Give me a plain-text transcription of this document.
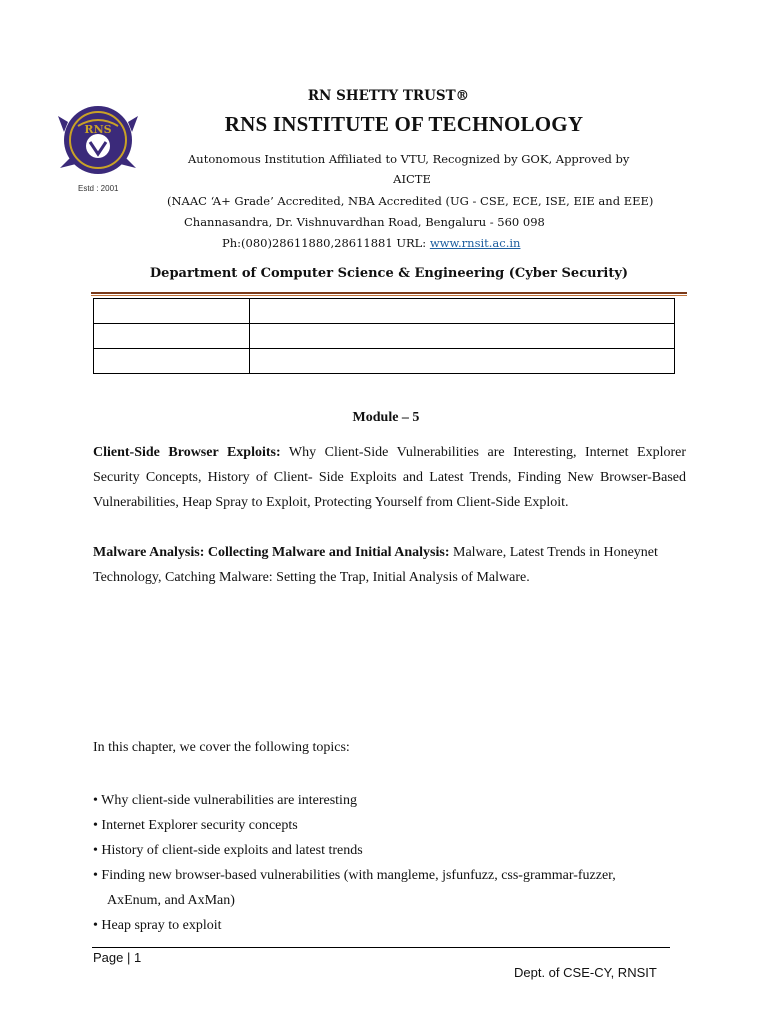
RNS
Estd : 2001
RN SHETTY TRUST®
RNS INSTITUTE OF TECHNOLOGY
Autonomous Institution Affiliated to VTU, Recognized by GOK, Approved by
AICTE
(NAAC ‘A+ Grade’ Accredited, NBA Accredited (UG - CSE, ECE, ISE, EIE and EEE)
Channasandra, Dr. Vishnuvardhan Road, Bengaluru - 560 098
Ph:(080)28611880,28611881 URL: www.rnsit.ac.in
Department of Computer Science & Engineering (Cyber Security)

Module – 5
Client-Side Browser Exploits: Why Client-Side Vulnerabilities are Interesting, Internet Explorer Security Concepts, History of Client- Side Exploits and Latest Trends, Finding New Browser-Based Vulnerabilities, Heap Spray to Exploit, Protecting Yourself from Client-Side Exploit.
Malware Analysis: Collecting Malware and Initial Analysis: Malware, Latest Trends in Honeynet Technology, Catching Malware: Setting the Trap, Initial Analysis of Malware.
In this chapter, we cover the following topics:
• Why client-side vulnerabilities are interesting
• Internet Explorer security concepts
• History of client-side exploits and latest trends
• Finding new browser-based vulnerabilities (with mangleme, jsfunfuzz, css-grammar-fuzzer,
AxEnum, and AxMan)
• Heap spray to exploit
Page | 1
Dept. of CSE-CY, RNSIT
